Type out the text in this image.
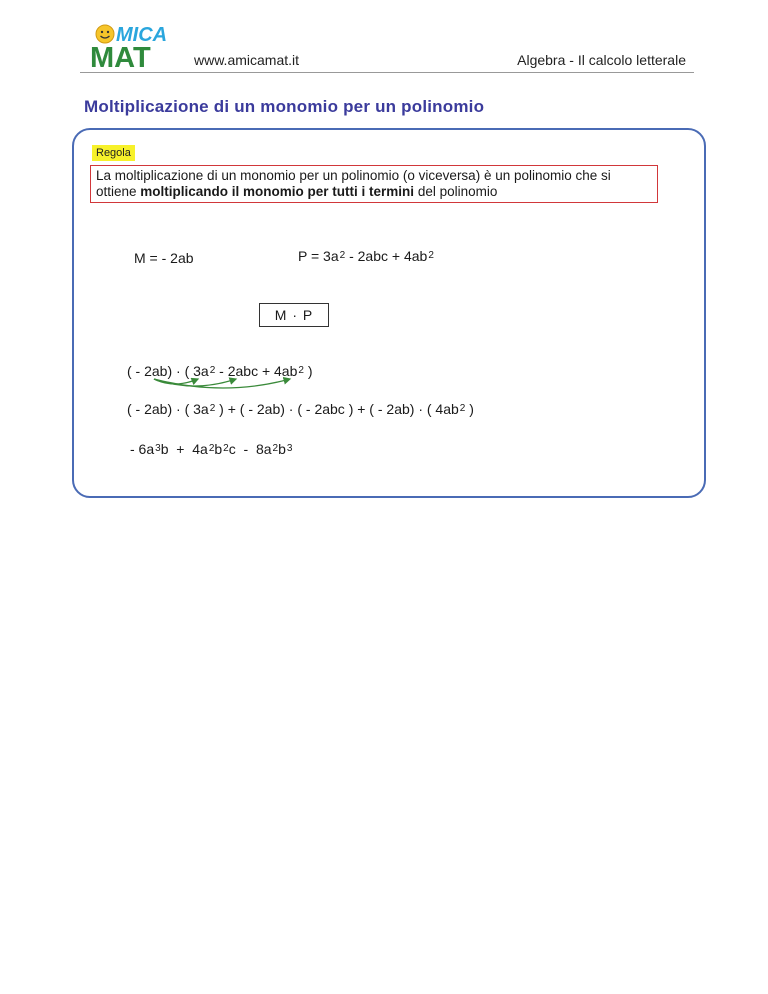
MICA
MAT	www.amicamat.it	Algebra - Il calcolo letterale
Moltiplicazione di un monomio per un polinomio
Regola
La moltiplicazione di un monomio per un polinomio (o viceversa) è un polinomio che si ottiene moltiplicando il monomio per tutti i termini del polinomio
M = - 2ab	$P = 3a^2 - 2abc + 4ab^2$
M · P
( - 2ab) · ( $3a^2 - 2abc + 4ab^2$ )
( - 2ab) · ( $3a^2$ ) + ( - 2ab) · ( - 2abc ) + ( - 2ab) · ( $4ab^2$ )
- $6a^3b + 4a^2b^2c - 8a^2b^3$
